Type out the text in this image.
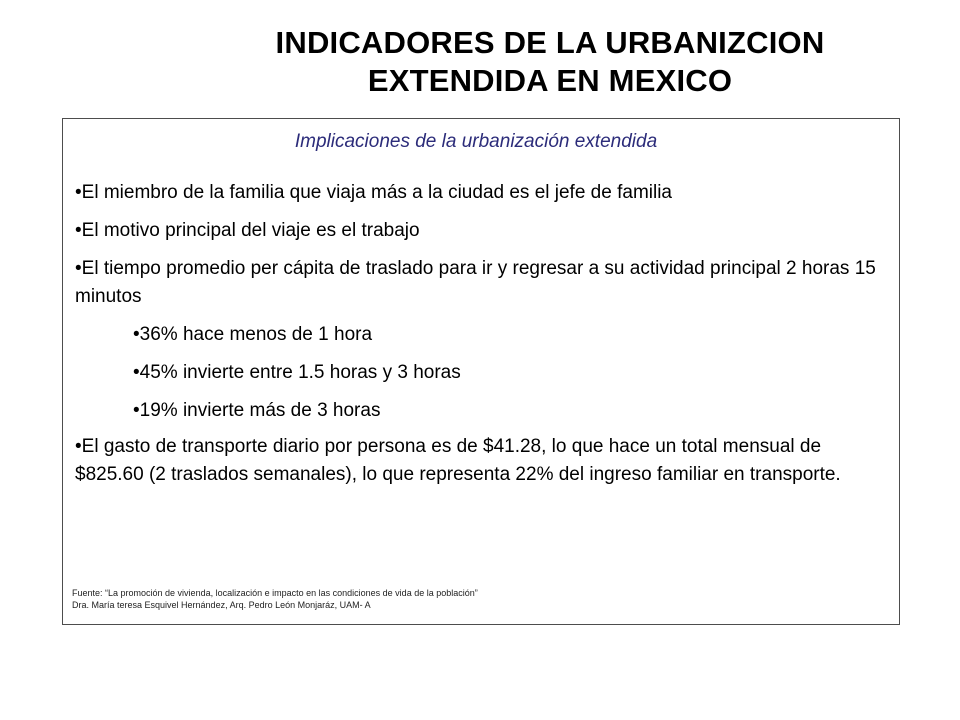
INDICADORES DE LA URBANIZCION
EXTENDIDA EN MEXICO
Implicaciones de la urbanización extendida
•El miembro de la familia que viaja más a la ciudad es el jefe de familia
•El motivo principal del viaje es el trabajo
•El tiempo promedio per cápita de traslado para ir y regresar a su actividad principal 2 horas 15 minutos
•36% hace menos de 1 hora
•45% invierte entre 1.5 horas y 3 horas
•19% invierte más de 3 horas
•El gasto de transporte diario por persona es de $41.28, lo que hace un total mensual de $825.60 (2 traslados semanales), lo que representa 22% del ingreso familiar en transporte.
Fuente: “La promoción de vivienda, localización e impacto en las condiciones de vida de la población”
Dra. María teresa Esquivel Hernández, Arq. Pedro León Monjaráz, UAM- A
